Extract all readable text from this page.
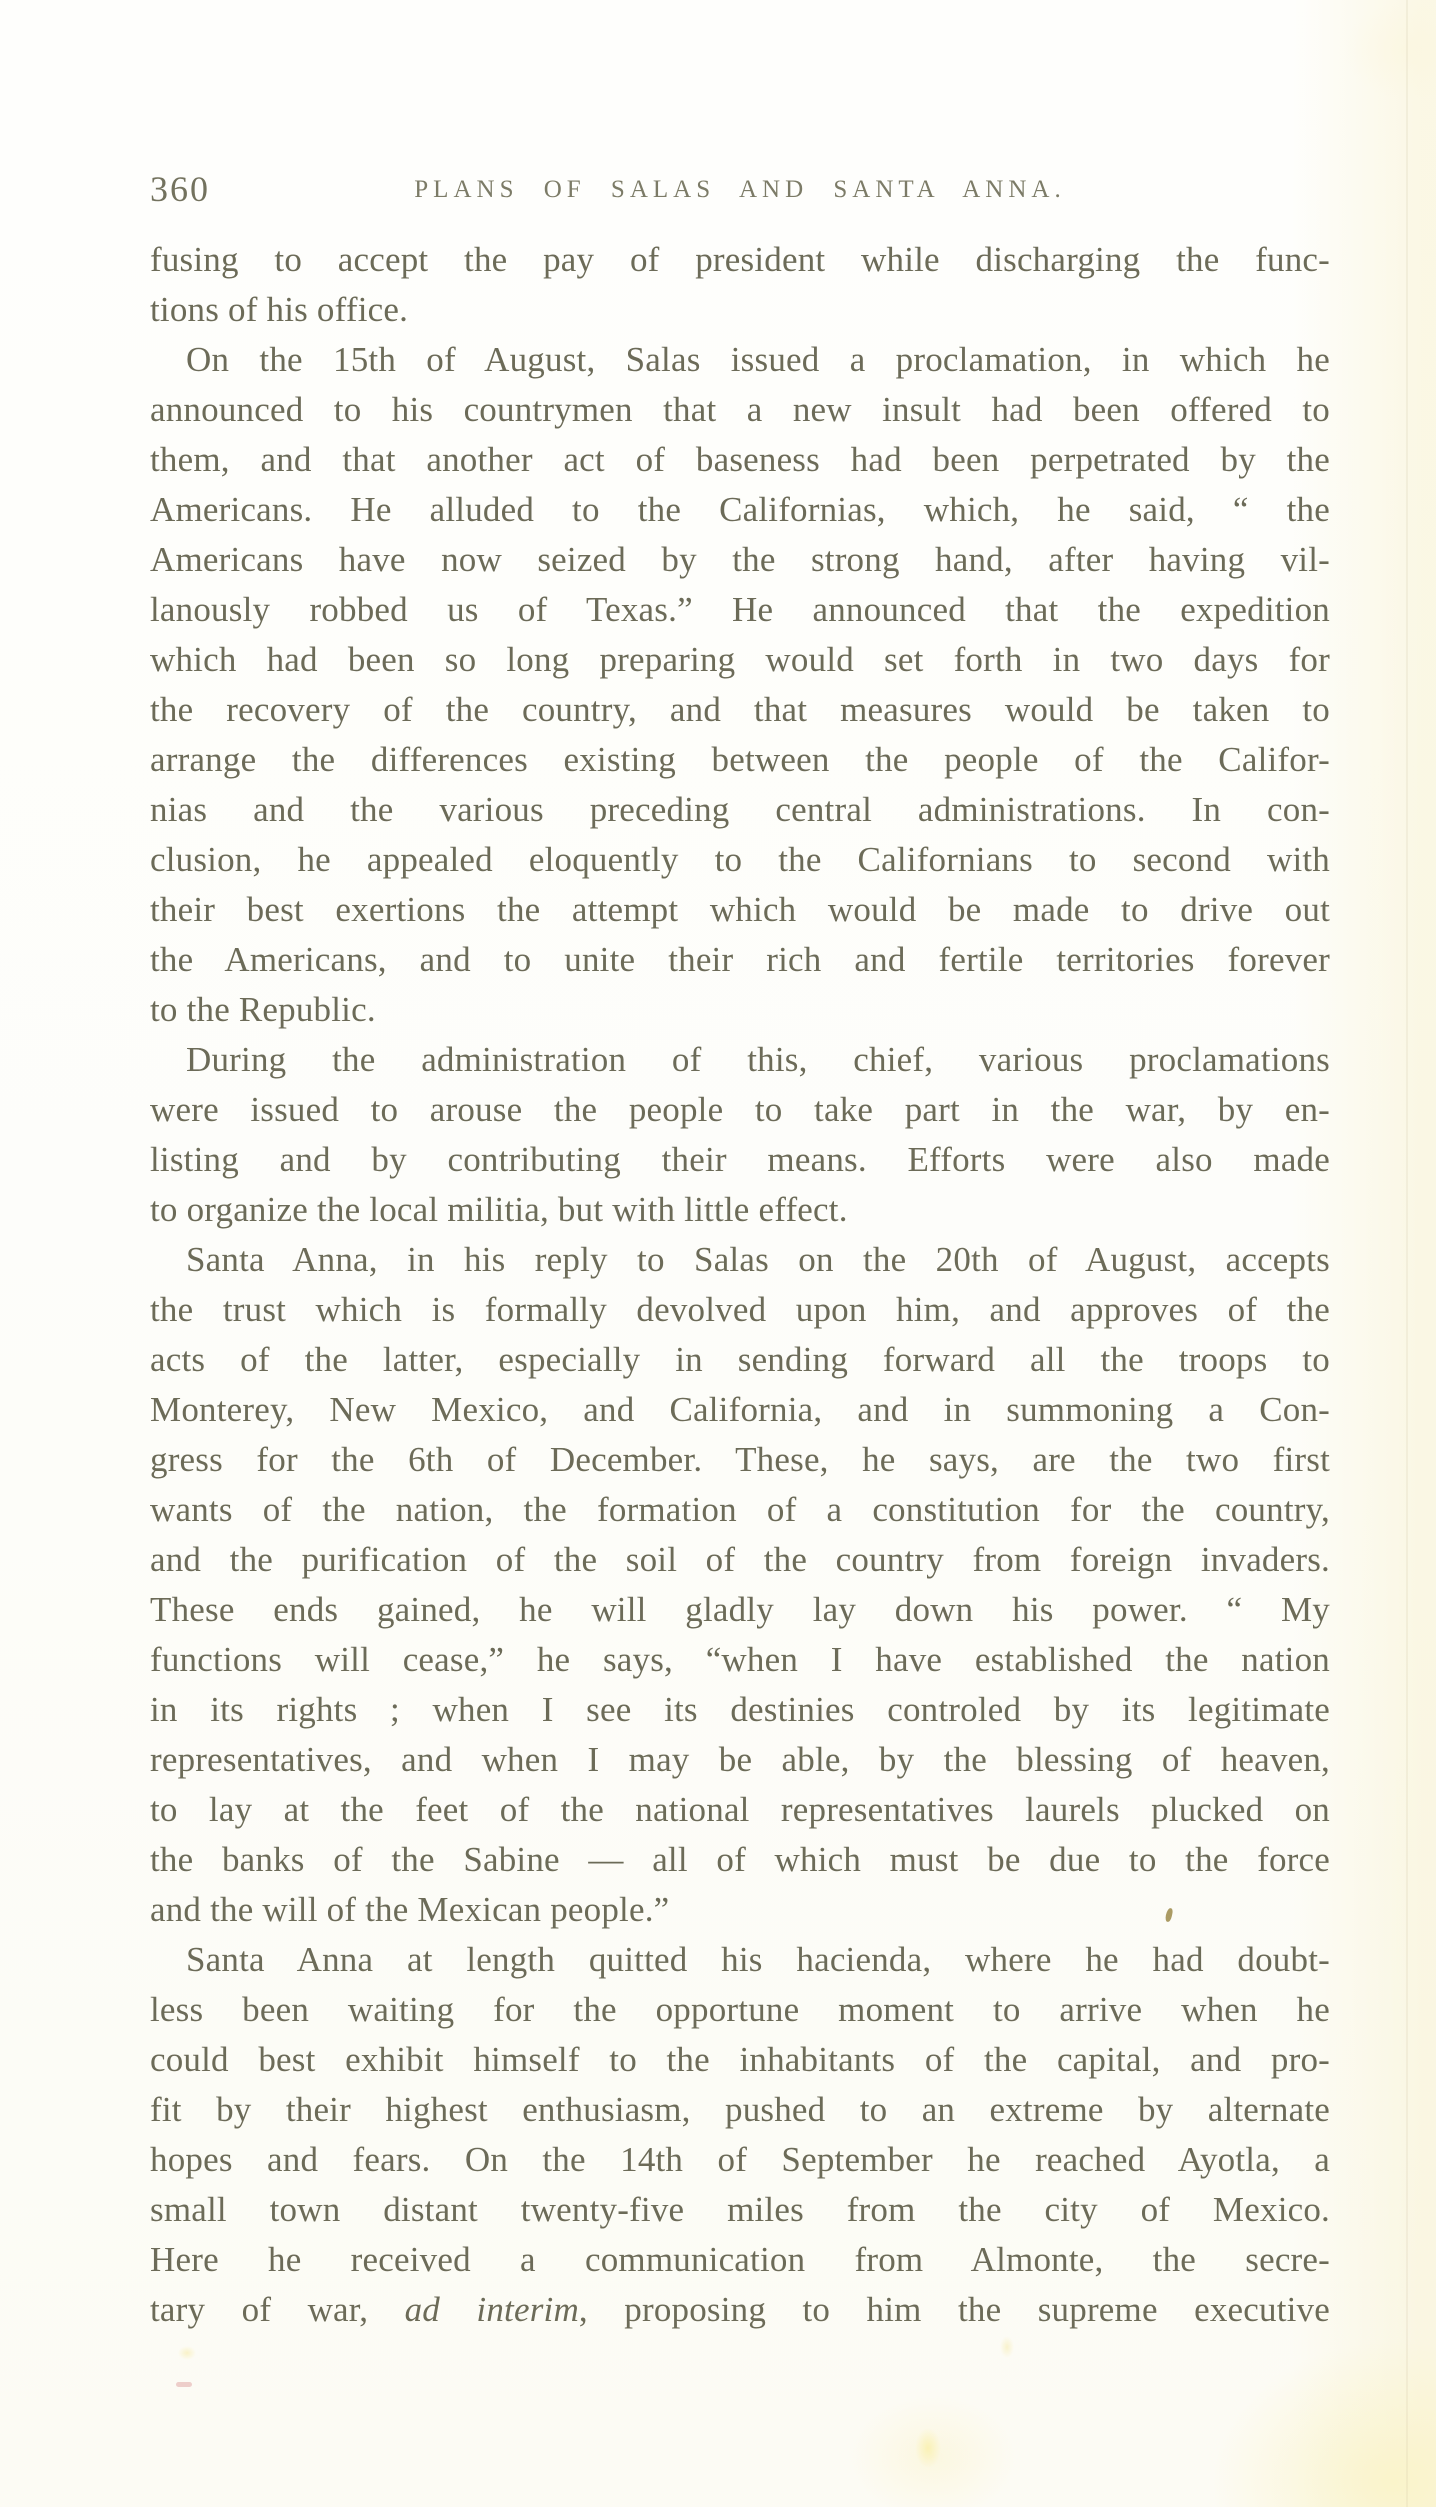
360	PLANS OF SALAS AND SANTA ANNA.
fusing to accept the pay of president while discharging the func-
tions of his office.
On the 15th of August, Salas issued a proclamation, in which he
announced to his countrymen that a new insult had been offered to
them, and that another act of baseness had been perpetrated by the
Americans. He alluded to the Californias, which, he said, “ the
Americans have now seized by the strong hand, after having vil-
lanously robbed us of Texas.” He announced that the expedition
which had been so long preparing would set forth in two days for
the recovery of the country, and that measures would be taken to
arrange the differences existing between the people of the Califor-
nias and the various preceding central administrations. In con-
clusion, he appealed eloquently to the Californians to second with
their best exertions the attempt which would be made to drive out
the Americans, and to unite their rich and fertile territories forever
to the Republic.
During the administration of this, chief, various proclamations
were issued to arouse the people to take part in the war, by en-
listing and by contributing their means. Efforts were also made
to organize the local militia, but with little effect.
Santa Anna, in his reply to Salas on the 20th of August, accepts
the trust which is formally devolved upon him, and approves of the
acts of the latter, especially in sending forward all the troops to
Monterey, New Mexico, and California, and in summoning a Con-
gress for the 6th of December. These, he says, are the two first
wants of the nation, the formation of a constitution for the country,
and the purification of the soil of the country from foreign invaders.
These ends gained, he will gladly lay down his power. “ My
functions will cease,” he says, “when I have established the nation
in its rights ; when I see its destinies controled by its legitimate
representatives, and when I may be able, by the blessing of heaven,
to lay at the feet of the national representatives laurels plucked on
the banks of the Sabine — all of which must be due to the force
and the will of the Mexican people.”
Santa Anna at length quitted his hacienda, where he had doubt-
less been waiting for the opportune moment to arrive when he
could best exhibit himself to the inhabitants of the capital, and pro-
fit by their highest enthusiasm, pushed to an extreme by alternate
hopes and fears. On the 14th of September he reached Ayotla, a
small town distant twenty-five miles from the city of Mexico.
Here he received a communication from Almonte, the secre-
tary of war, ad interim, proposing to him the supreme executive
